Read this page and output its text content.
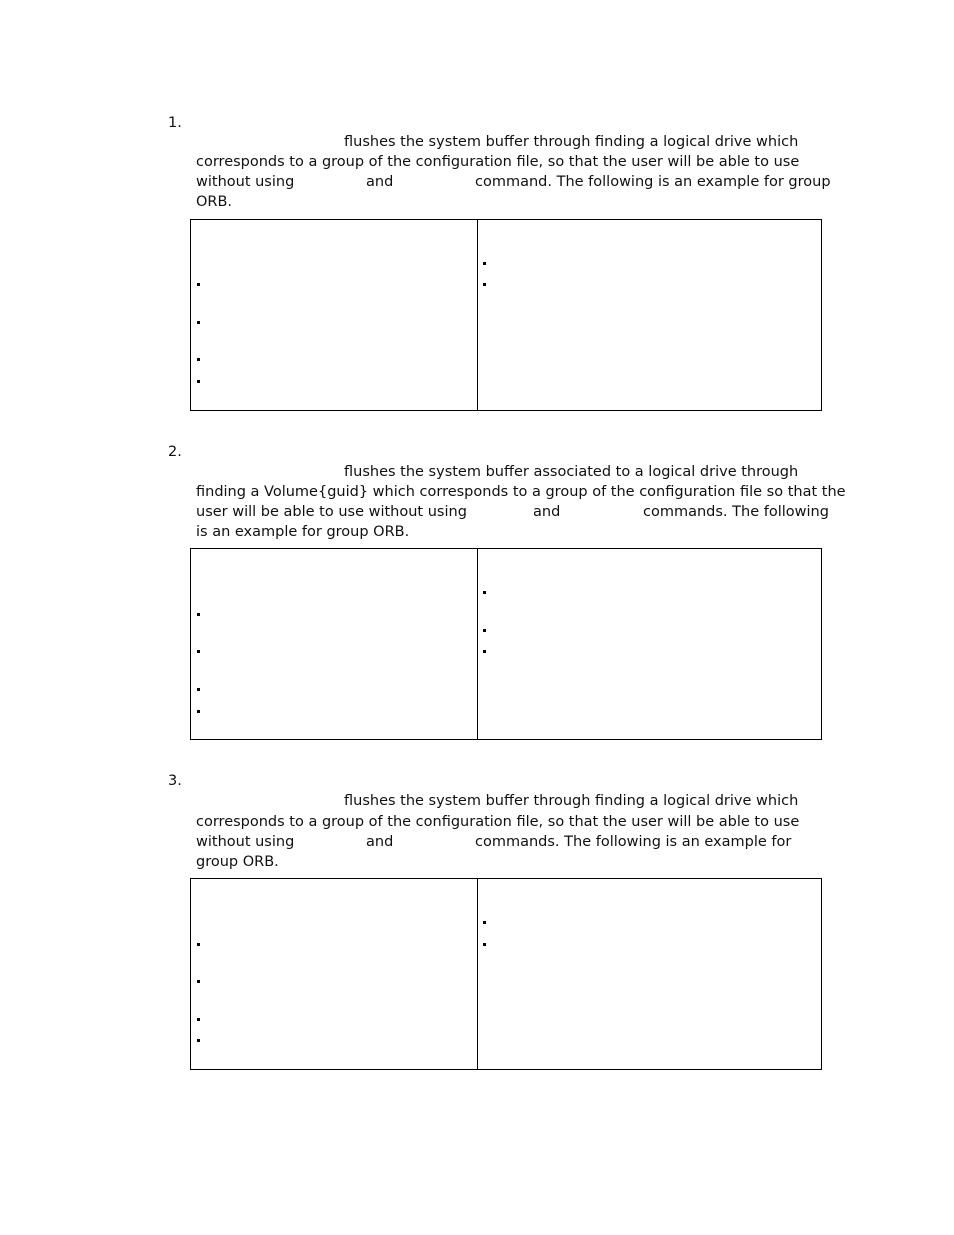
1.
flushes the system buffer through finding a logical drive which
corresponds to a group of the configuration file, so that the user will be able to use
without using	and	command. The following is an example for group
ORB.
2.
flushes the system buffer associated to a logical drive through
finding a Volume{guid} which corresponds to a group of the configuration file so that the
user will be able to use without using	and	commands. The following
is an example for group ORB.
3.
flushes the system buffer through finding a logical drive which
corresponds to a group of the configuration file, so that the user will be able to use
without using	and	commands. The following is an example for
group ORB.
